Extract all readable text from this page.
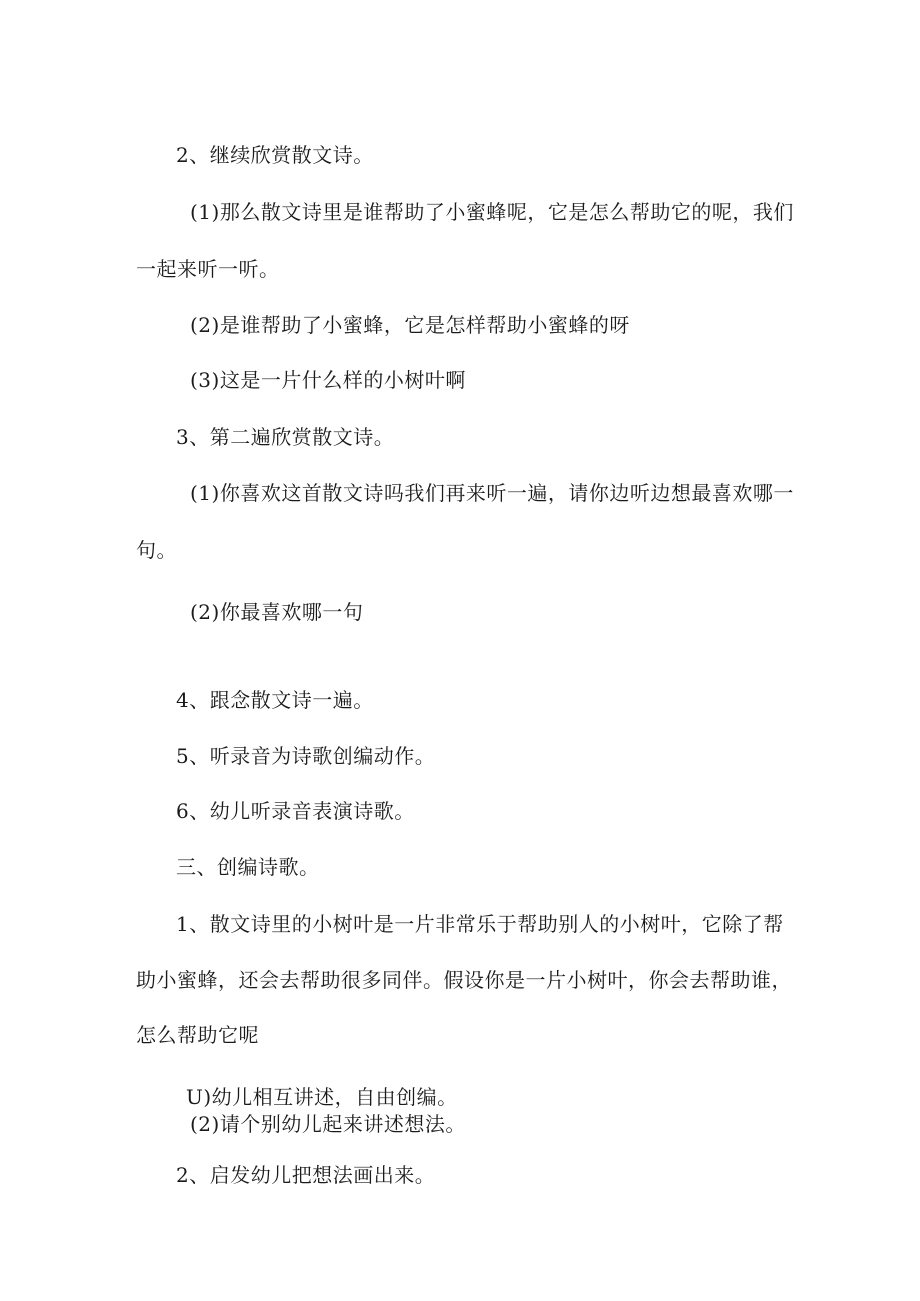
2、继续欣赏散文诗。
(1)那么散文诗里是谁帮助了小蜜蜂呢，它是怎么帮助它的呢，我们
一起来听一听。
(2)是谁帮助了小蜜蜂，它是怎样帮助小蜜蜂的呀
(3)这是一片什么样的小树叶啊
3、第二遍欣赏散文诗。
(1)你喜欢这首散文诗吗我们再来听一遍，请你边听边想最喜欢哪一
句。
(2)你最喜欢哪一句
4、跟念散文诗一遍。
5、听录音为诗歌创编动作。
6、幼儿听录音表演诗歌。
三、创编诗歌。
1、散文诗里的小树叶是一片非常乐于帮助别人的小树叶，它除了帮
助小蜜蜂，还会去帮助很多同伴。假设你是一片小树叶，你会去帮助谁，
怎么帮助它呢
U)幼儿相互讲述，自由创编。
(2)请个别幼儿起来讲述想法。
2、启发幼儿把想法画出来。
